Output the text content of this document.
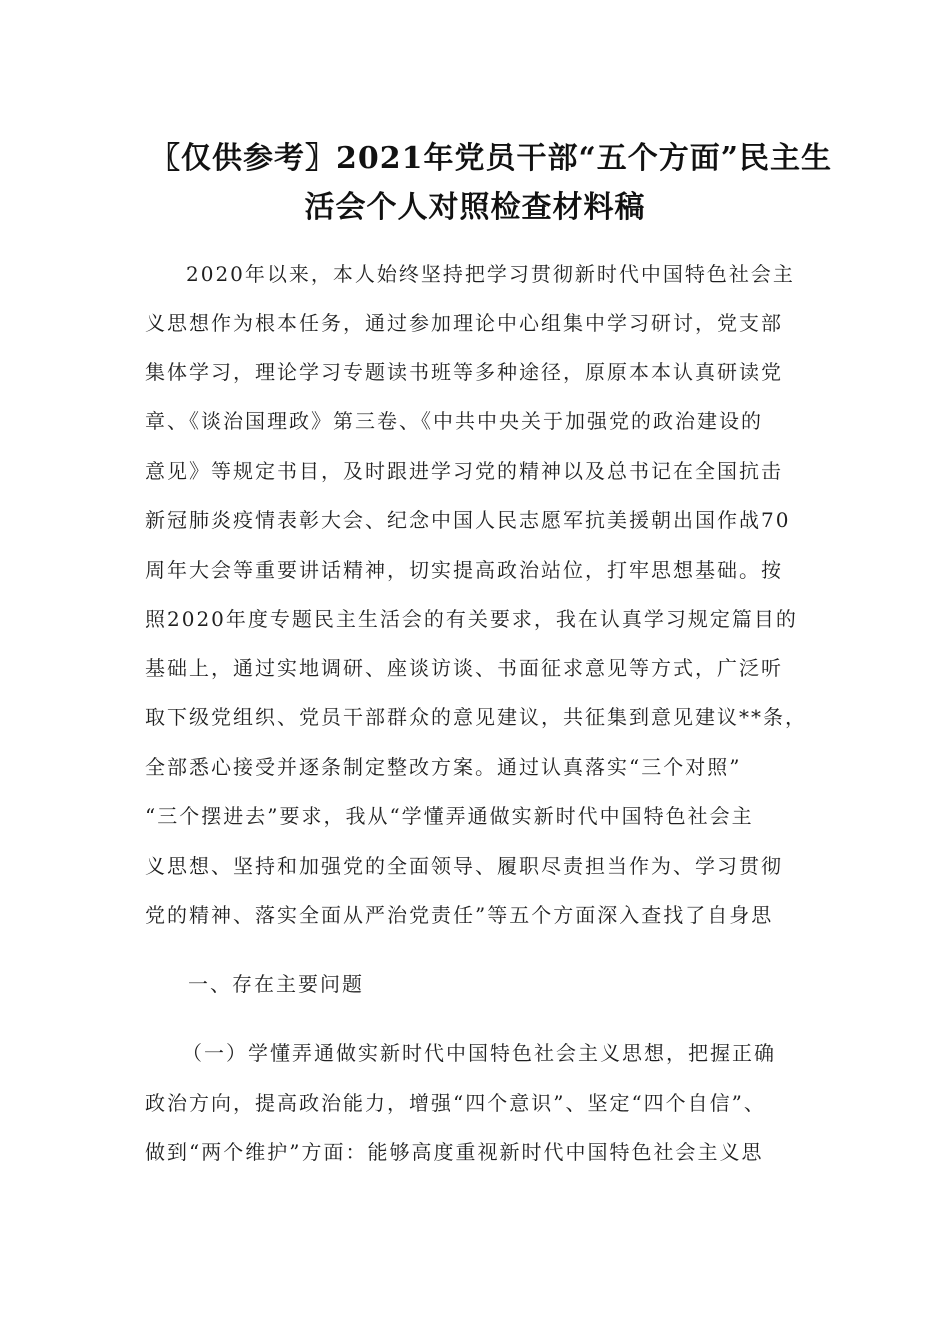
〖仅供参考〗2021年党员干部“五个方面”民主生
活会个人对照检查材料稿
2020年以来，本人始终坚持把学习贯彻新时代中国特色社会主
义思想作为根本任务，通过参加理论中心组集中学习研讨，党支部
集体学习，理论学习专题读书班等多种途径，原原本本认真研读党
章、《谈治国理政》第三卷、《中共中央关于加强党的政治建设的
意见》等规定书目，及时跟进学习党的精神以及总书记在全国抗击
新冠肺炎疫情表彰大会、纪念中国人民志愿军抗美援朝出国作战70
周年大会等重要讲话精神，切实提高政治站位，打牢思想基础。按
照2020年度专题民主生活会的有关要求，我在认真学习规定篇目的
基础上，通过实地调研、座谈访谈、书面征求意见等方式，广泛听
取下级党组织、党员干部群众的意见建议，共征集到意见建议**条，
全部悉心接受并逐条制定整改方案。通过认真落实“三个对照”
“三个摆进去”要求，我从“学懂弄通做实新时代中国特色社会主
义思想、坚持和加强党的全面领导、履职尽责担当作为、学习贯彻
党的精神、落实全面从严治党责任”等五个方面深入查找了自身思
一、存在主要问题
（一）学懂弄通做实新时代中国特色社会主义思想，把握正确
政治方向，提高政治能力，增强“四个意识”、坚定“四个自信”、
做到“两个维护”方面：能够高度重视新时代中国特色社会主义思
